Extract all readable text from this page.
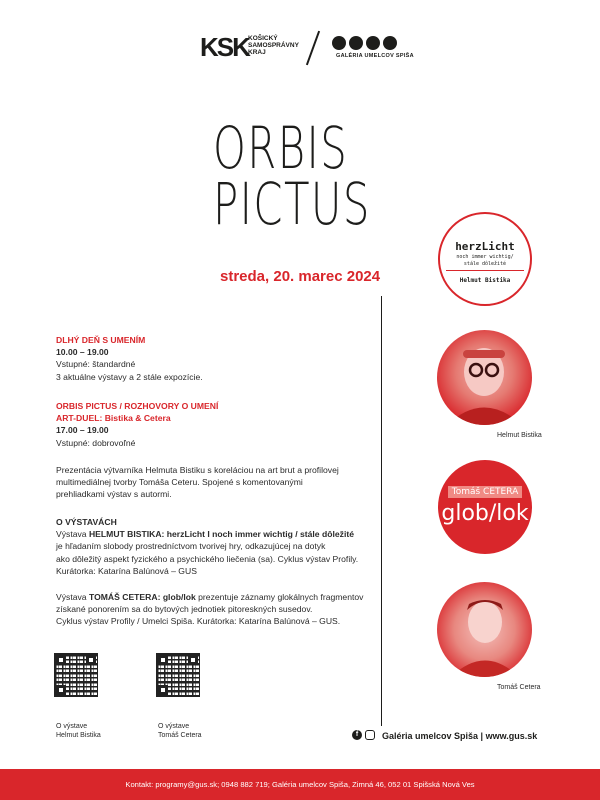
KSK KOŠICKÝ
SAMOSPRÁVNY
KRAJ	GALÉRIA UMELCOV SPIŠA
ORBIS
PICTUS
streda, 20. marec 2024

DLHÝ DEŇ S UMENÍM

10.00 – 19.00

Vstupné: štandardné

3 aktuálne výstavy a 2 stále expozície.

ORBIS PICTUS / ROZHOVORY O UMENÍ

ART-DUEL: Bistika & Cetera

17.00 – 19.00

Vstupné: dobrovoľné

Prezentácia výtvarníka Helmuta Bistiku s koreláciou na art brut a profilovej

multimediálnej tvorby Tomáša Ceteru. Spojené s komentovanými

prehliadkami výstav s autormi.

O VÝSTAVÁCH

Výstava HELMUT BISTIKA: herzLicht I noch immer wichtig / stále dôležité

je hľadaním slobody prostredníctvom tvorivej hry, odkazujúcej na dotyk

ako dôležitý aspekt fyzického a psychického liečenia (sa). Cyklus výstav Profily.

Kurátorka: Katarína Balúnová – GUS

Výstava TOMÁŠ CETERA: glob/lok prezentuje záznamy glokálnych fragmentov

získané ponorením sa do bytových jednotiek pitoreskných susedov.

Cyklus výstav Profily / Umelci Spiša. Kurátorka: Katarína Balúnová – GUS.

O výstave
Helmut Bistika
O výstave
Tomáš Cetera
herzLicht
noch immer wichtig/
stále dôležité
Helmut Bistika
Helmut Bistika
Tomáš CETERA
glob/lok
Tomáš Cetera
f	Galéria umelcov Spiša | www.gus.sk
Kontakt: programy@gus.sk; 0948 882 719; Galéria umelcov Spiša, Zimná 46, 052 01 Spišská Nová Ves
